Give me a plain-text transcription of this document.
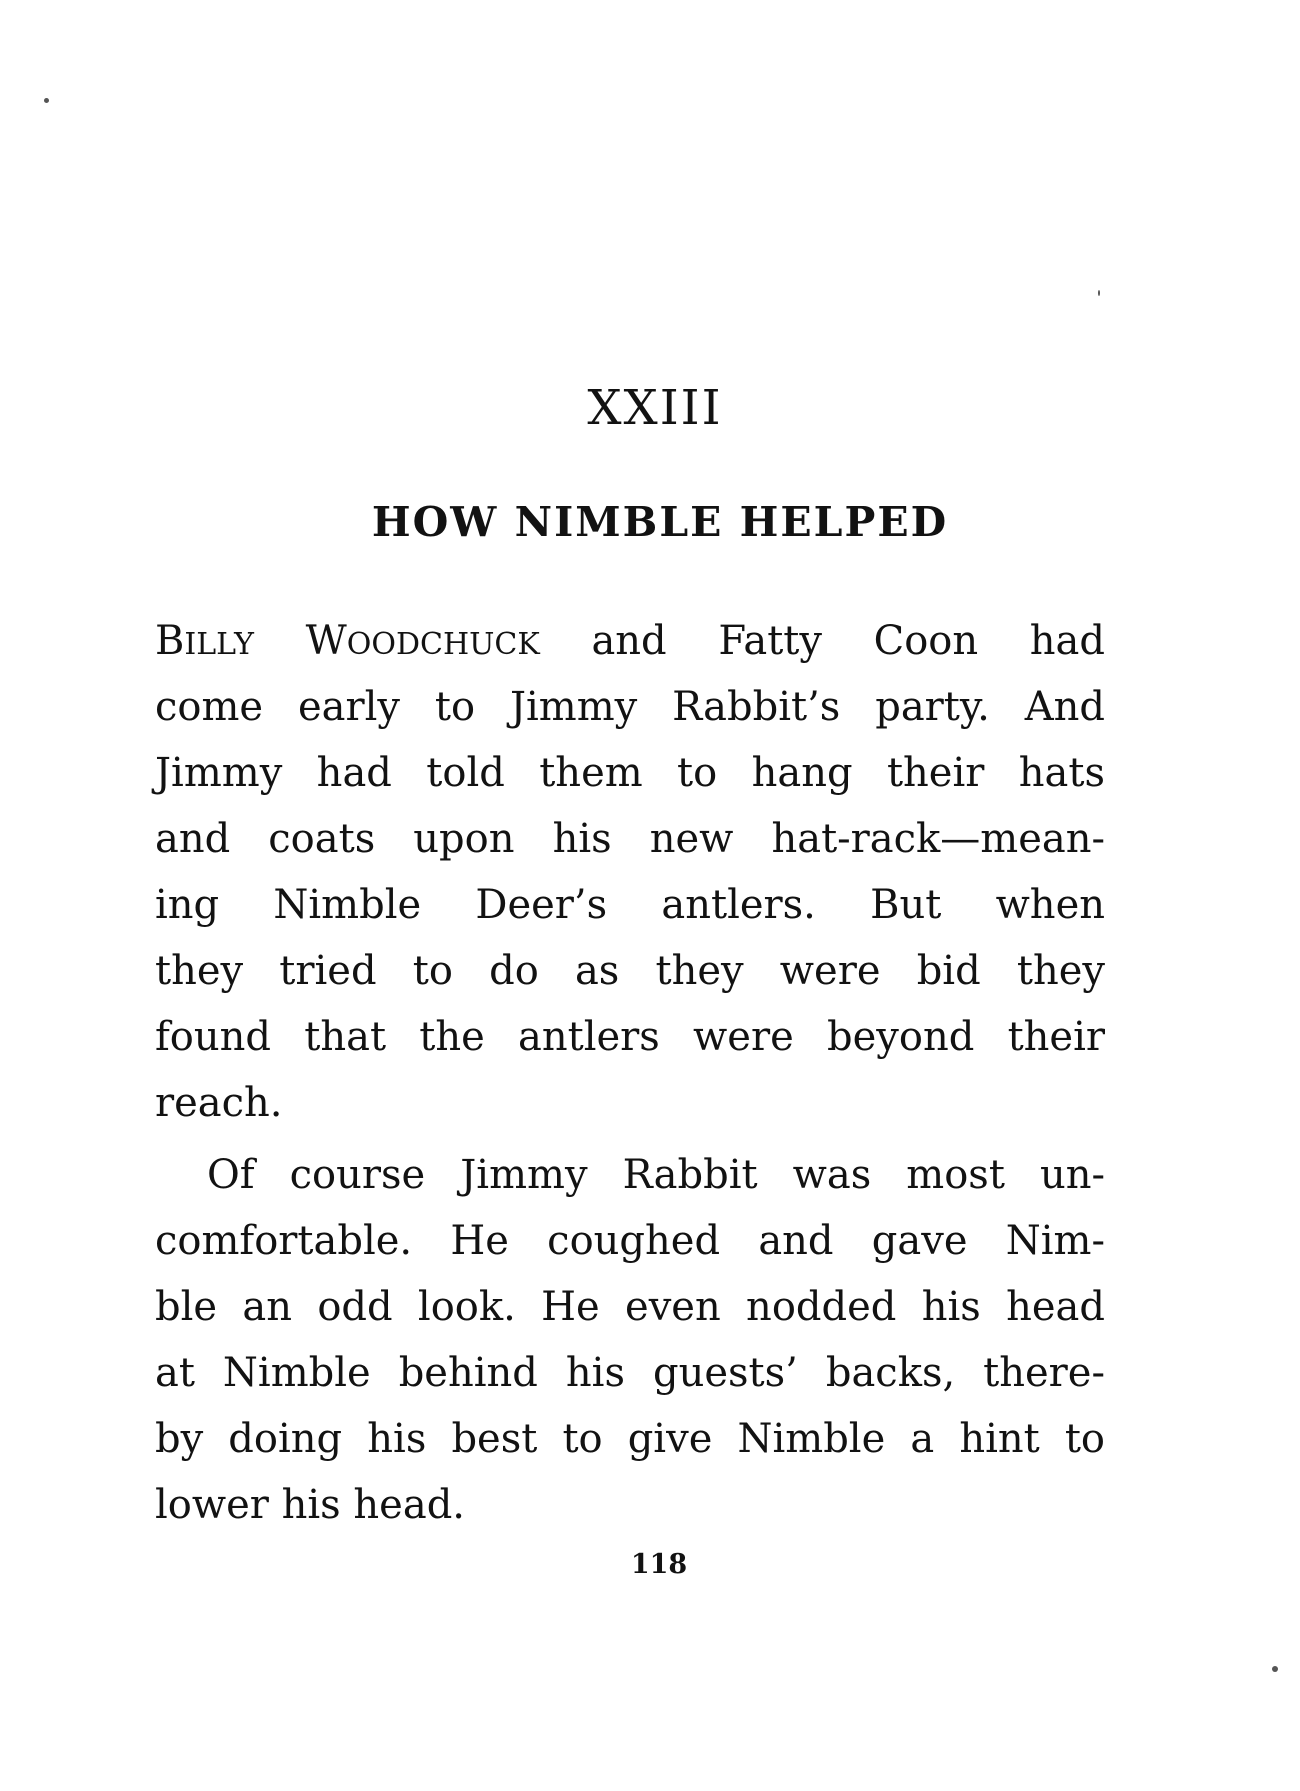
XXIII
HOW NIMBLE HELPED
BILLY WOODCHUCK and Fatty Coon had
come early to Jimmy Rabbit’s party. And
Jimmy had told them to hang their hats
and coats upon his new hat-rack—mean-
ing Nimble Deer’s antlers. But when
they tried to do as they were bid they
found that the antlers were beyond their
reach.
Of course Jimmy Rabbit was most un-
comfortable. He coughed and gave Nim-
ble an odd look. He even nodded his head
at Nimble behind his guests’ backs, there-
by doing his best to give Nimble a hint to
lower his head.
118
